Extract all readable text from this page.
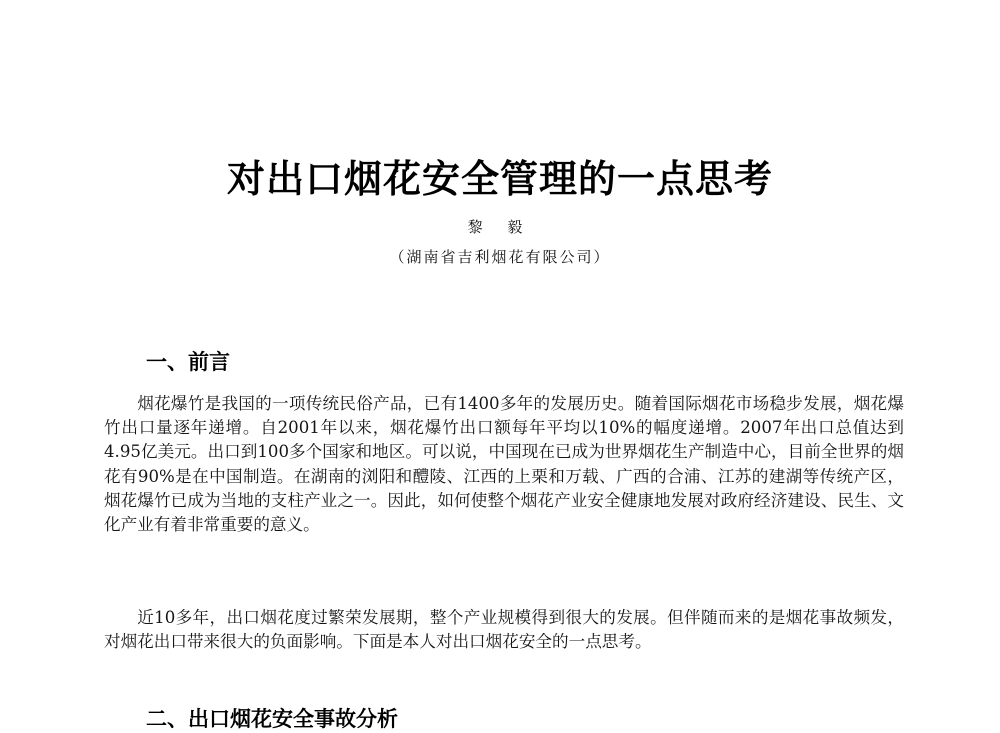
对出口烟花安全管理的一点思考

黎 毅

（湖南省吉利烟花有限公司）

一、前言

烟花爆竹是我国的一项传统民俗产品，已有1400多年的发展历史。随着国际烟花市场稳步发展，烟花爆竹出口量逐年递增。自2001年以来，烟花爆竹出口额每年平均以10%的幅度递增。2007年出口总值达到4.95亿美元。出口到100多个国家和地区。可以说，中国现在已成为世界烟花生产制造中心，目前全世界的烟花有90%是在中国制造。在湖南的浏阳和醴陵、江西的上栗和万载、广西的合浦、江苏的建湖等传统产区，烟花爆竹已成为当地的支柱产业之一。因此，如何使整个烟花产业安全健康地发展对政府经济建设、民生、文化产业有着非常重要的意义。

近10多年，出口烟花度过繁荣发展期，整个产业规模得到很大的发展。但伴随而来的是烟花事故频发，对烟花出口带来很大的负面影响。下面是本人对出口烟花安全的一点思考。

二、出口烟花安全事故分析
